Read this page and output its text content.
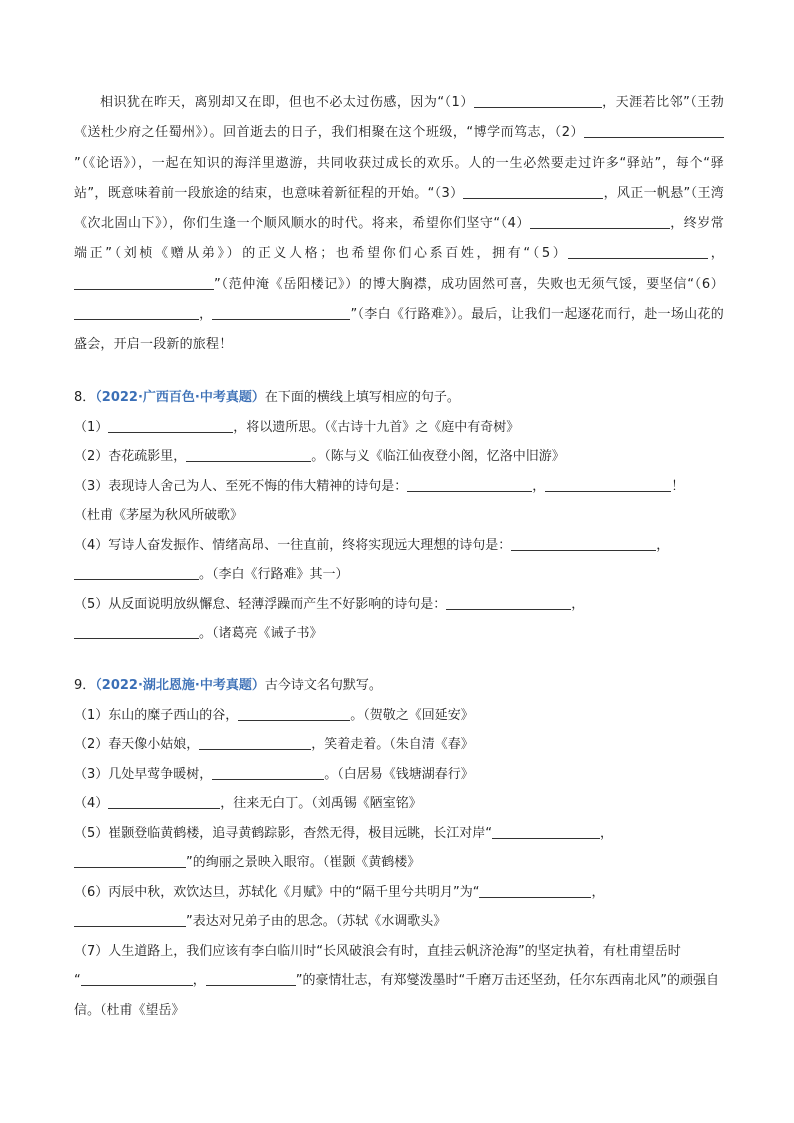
相识犹在昨天，离别却又在即，但也不必太过伤感，因为“（1）	，天涯若比邻”（王勃《送杜少府之任蜀州》）。回首逝去的日子，我们相聚在这个班级，“博学而笃志，（2）”（《论语》），一起在知识的海洋里遨游，共同收获过成长的欢乐。人的一生必然要走过许多“驿站”，每个“驿站”，既意味着前一段旅途的结束，也意味着新征程的开始。“（3）	，风正一帆悬”（王湾《次北固山下》），你们生逢一个顺风顺水的时代。将来，希望你们坚守“（4）	，终岁常端正”（刘桢《赠从弟》）的正义人格；也希望你们心系百姓，拥有“（5）	，”（范仲淹《岳阳楼记》）的博大胸襟，成功固然可喜，失败也无须气馁，要坚信“（6），	”（李白《行路难》）。最后，让我们一起逐花而行，赴一场山花的盛会，开启一段新的旅程！

8．（2022·广西百色·中考真题）在下面的横线上填写相应的句子。

（1）	，将以遗所思。（《古诗十九首》之《庭中有奇树》

（2）杏花疏影里，	。（陈与义《临江仙夜登小阁，忆洛中旧游》

（3）表现诗人舍己为人、至死不悔的伟大精神的诗句是：	，	！

（杜甫《茅屋为秋风所破歌》

（4）写诗人奋发振作、情绪高昂、一往直前，终将实现远大理想的诗句是：	，

。（李白《行路难》其一）

（5）从反面说明放纵懈怠、轻薄浮躁而产生不好影响的诗句是：	，

。（诸葛亮《诫子书》

9．（2022·湖北恩施·中考真题）古今诗文名句默写。

（1）东山的糜子西山的谷，	。（贺敬之《回延安》

（2）春天像小姑娘，	，笑着走着。（朱自清《春》

（3）几处早莺争暖树，	。（白居易《钱塘湖春行》

（4）	，往来无白丁。（刘禹锡《陋室铭》

（5）崔颢登临黄鹤楼，追寻黄鹤踪影，杳然无得，极目远眺，长江对岸“	，

”的绚丽之景映入眼帘。（崔颢《黄鹤楼》

（6）丙辰中秋，欢饮达旦，苏轼化《月赋》中的“隔千里兮共明月”为“	，

”表达对兄弟子由的思念。（苏轼《水调歌头》

（7）人生道路上，我们应该有李白临川时“长风破浪会有时，直挂云帆济沧海”的坚定执着，有杜甫望岳时

“	，	”的豪情壮志，有郑燮泼墨时“千磨万击还坚劲，任尔东西南北风”的顽强自信。（杜甫《望岳》
